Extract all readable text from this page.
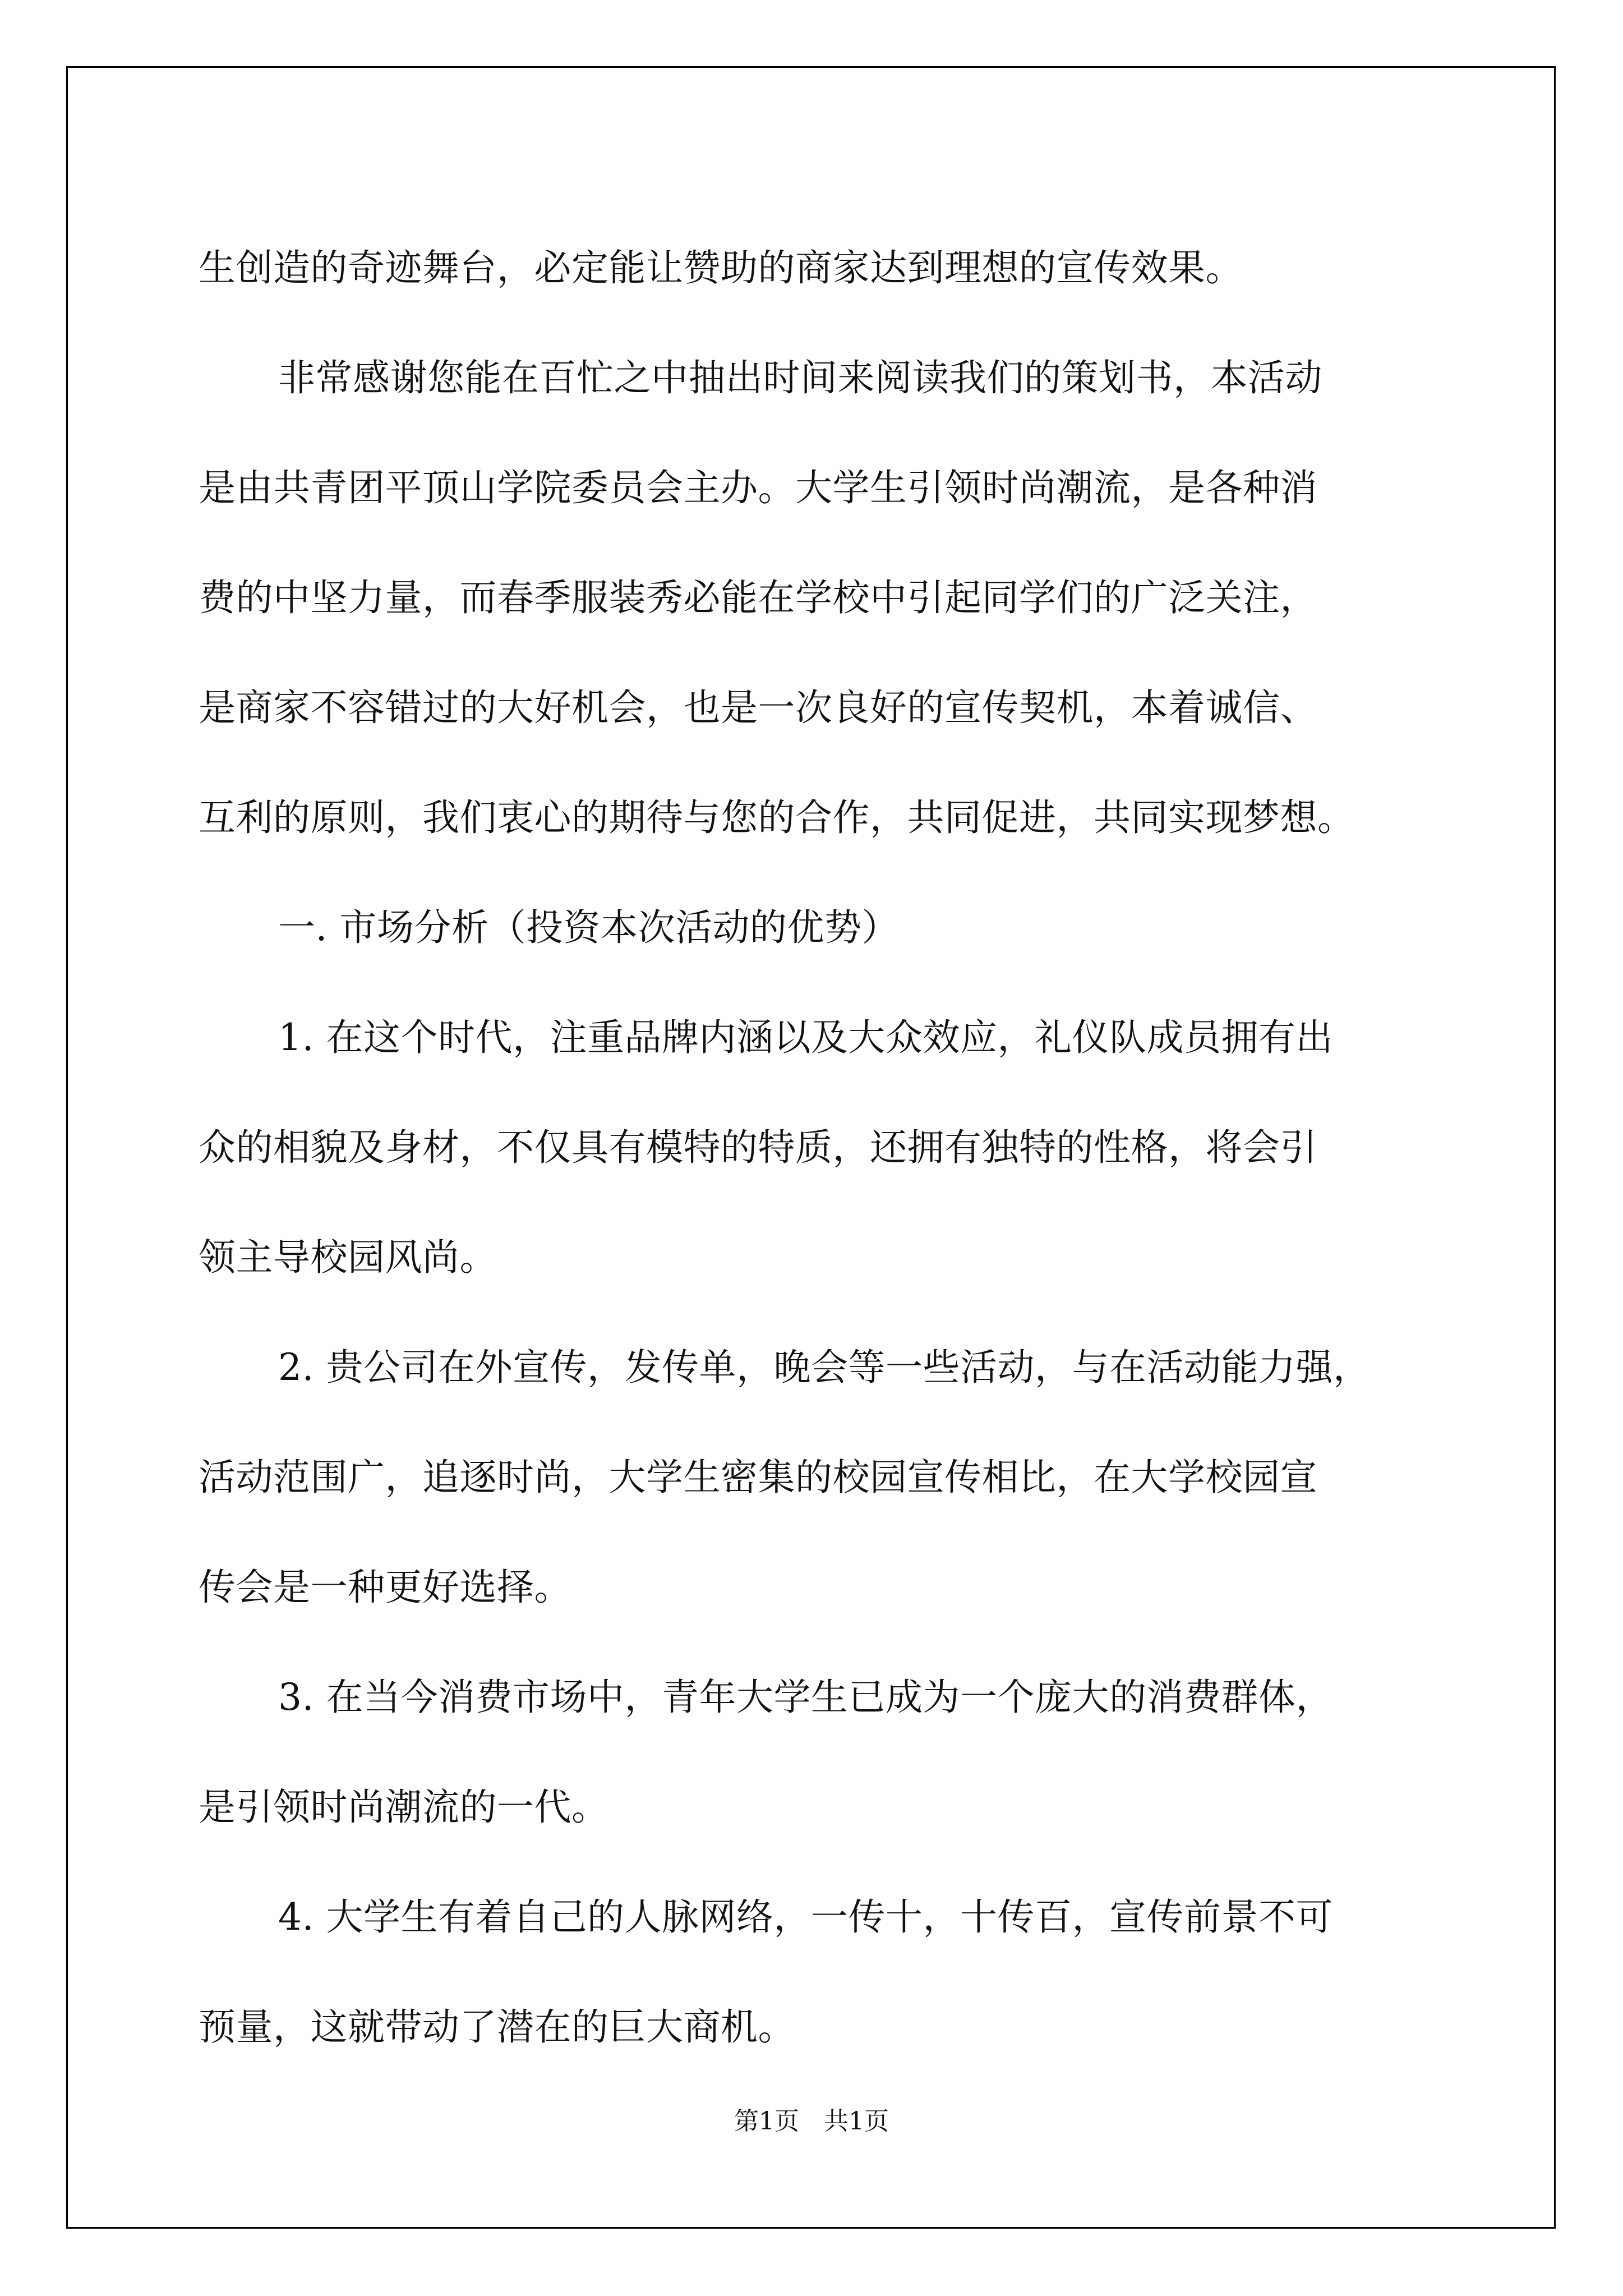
生创造的奇迹舞台，必定能让赞助的商家达到理想的宣传效果。
非常感谢您能在百忙之中抽出时间来阅读我们的策划书，本活动
是由共青团平顶山学院委员会主办。大学生引领时尚潮流，是各种消
费的中坚力量，而春季服装秀必能在学校中引起同学们的广泛关注，
是商家不容错过的大好机会，也是一次良好的宣传契机，本着诚信、
互利的原则，我们衷心的期待与您的合作，共同促进，共同实现梦想。
一. 市场分析（投资本次活动的优势）
1. 在这个时代，注重品牌内涵以及大众效应，礼仪队成员拥有出
众的相貌及身材，不仅具有模特的特质，还拥有独特的性格，将会引
领主导校园风尚。
2. 贵公司在外宣传，发传单，晚会等一些活动，与在活动能力强，
活动范围广，追逐时尚，大学生密集的校园宣传相比，在大学校园宣
传会是一种更好选择。
3. 在当今消费市场中，青年大学生已成为一个庞大的消费群体，
是引领时尚潮流的一代。
4. 大学生有着自己的人脉网络，一传十，十传百，宣传前景不可
预量，这就带动了潜在的巨大商机。
第1页　共1页
